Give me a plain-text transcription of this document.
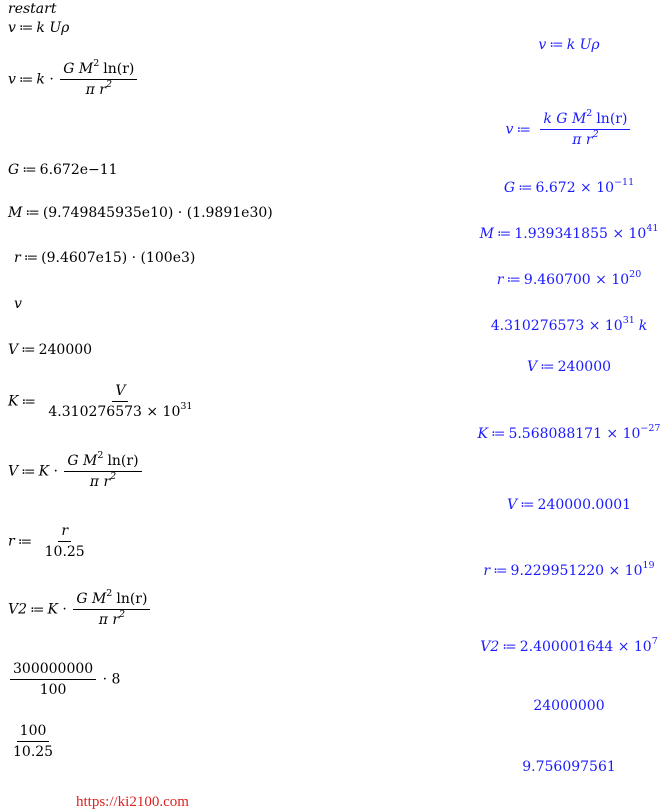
restart
v ≔ k Uρ
v ≔ k Uρ
v ≔ $k \cdot \frac{G M^2 \ln(r)}{\pi r^2}$
v ≔ $\frac{k G M^2 \ln(r)}{\pi r^2}$
G ≔ 6.672e−11
G ≔ $6.672 \times 10^{-11}$
M ≔ (9.749845935e10) · (1.9891e30)
M ≔ $1.939341855 \times 10^{41}$
r ≔ (9.4607e15) · (100e3)
r ≔ $9.460700 \times 10^{20}$
v
$4.310276573 \times 10^{31}$ k
V ≔ 240000
V ≔ 240000
K ≔ $\frac{V}{4.310276573 \times 10^{31}}$
K ≔ $5.568088171 \times 10^{-27}$
V ≔ $K \cdot \frac{G M^2 \ln(r)}{\pi r^2}$
V ≔ 240000.0001
r ≔ $\frac{r}{10.25}$
r ≔ $9.229951220 \times 10^{19}$
V2 ≔ $K \cdot \frac{G M^2 \ln(r)}{\pi r^2}$
V2 ≔ $2.400001644 \times 10^7$
$\frac{300000000}{100} \cdot 8$
24000000
$\frac{100}{10.25}$
9.756097561
https://ki2100.com
